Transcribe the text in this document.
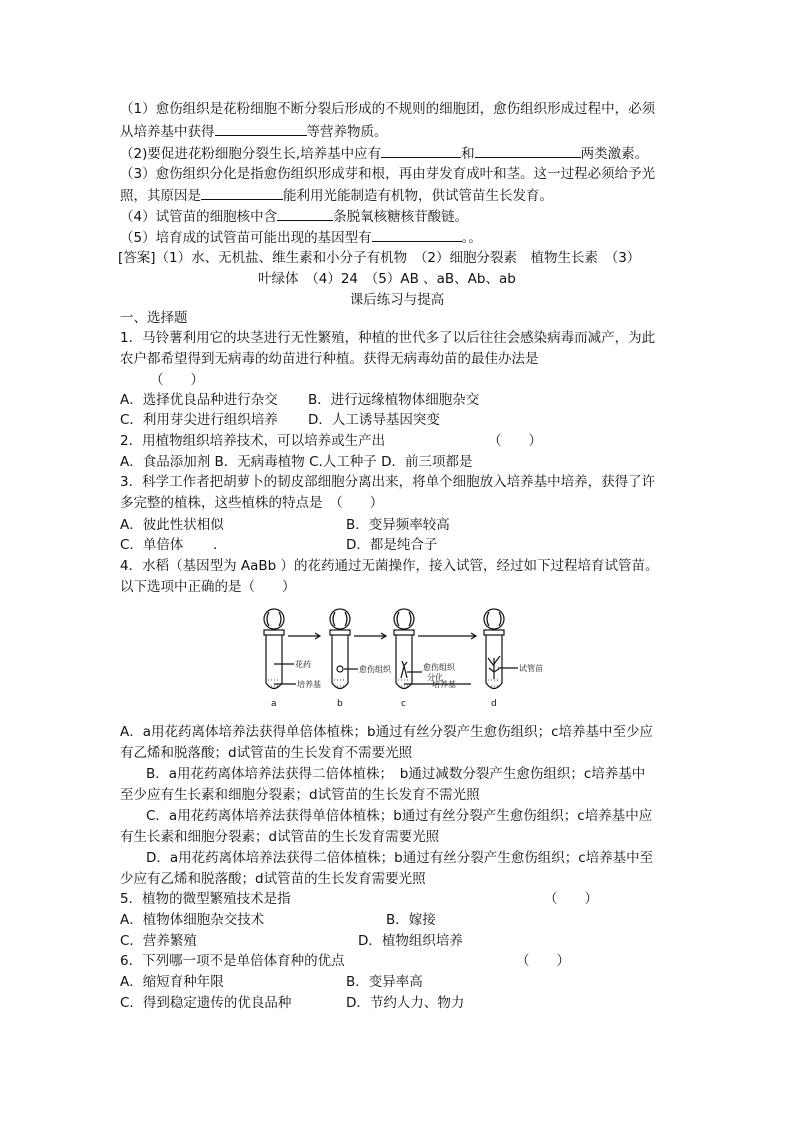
（1）愈伤组织是花粉细胞不断分裂后形成的不规则的细胞团，愈伤组织形成过程中，必须
从培养基中获得	等营养物质。
（2)要促进花粉细胞分裂生长,培养基中应有	和	两类激素。
（3）愈伤组织分化是指愈伤组织形成芽和根，再由芽发育成叶和茎。这一过程必须给予光
照，其原因是	能利用光能制造有机物，供试管苗生长发育。
（4）试管苗的细胞核中含	条脱氧核糖核苷酸链。
（5）培育成的试管苗可能出现的基因型有	。。
[答案]（1）水、无机盐、维生素和小分子有机物　（2）细胞分裂素　植物生长素　（3）
叶绿体　（4）24　（5）AB 、aB、Ab、ab
课后练习与提高
一、选择题
1．马铃薯利用它的块茎进行无性繁殖，种植的世代多了以后往往会感染病毒而减产，为此
农户都希望得到无病毒的幼苗进行种植。获得无病毒幼苗的最佳办法是
（　　）
A．选择优良品种进行杂交 B．进行远缘植物体细胞杂交
C．利用芽尖进行组织培养 D．人工诱导基因突变
2．用植物组织培养技术，可以培养或生产出	（　　）
A．食品添加剂 B．无病毒植物 C.人工种子 D．前三项都是
3．科学工作者把胡萝卜的韧皮部细胞分离出来，将单个细胞放入培养基中培养，获得了许
多完整的植株，这些植株的特点是　（　　）
A．彼此性状相似	B．变异频率较高
C．单倍体 .	D．都是纯合子
4．水稻（基因型为 AaBb ）的花药通过无菌操作，接入试管，经过如下过程培育试管苗。
以下选项中正确的是（　　）
花药
培养基
愈伤组织	愈伤组织
分化
培养基
试管苗
a	b	c	d
A．a用花药离体培养法获得单倍体植株；b通过有丝分裂产生愈伤组织；c培养基中至少应
有乙烯和脱落酸；d试管苗的生长发育不需要光照
B．a用花药离体培养法获得二倍体植株；　b通过减数分裂产生愈伤组织；c培养基中
至少应有生长素和细胞分裂素；d试管苗的生长发育不需光照
C．a用花药离体培养法获得单倍体植株；b通过有丝分裂产生愈伤组织；c培养基中应
有生长素和细胞分裂素；d试管苗的生长发育需要光照
D．a用花药离体培养法获得二倍体植株；b通过有丝分裂产生愈伤组织；c培养基中至
少应有乙烯和脱落酸；d试管苗的生长发育需要光照
5．植物的微型繁殖技术是指	（　　）
A．植物体细胞杂交技术	B．嫁接
C．营养繁殖	D．植物组织培养
6．下列哪一项不是单倍体育种的优点	（　　）
A．缩短育种年限	B．变异率高
C．得到稳定遗传的优良品种	D．节约人力、物力
